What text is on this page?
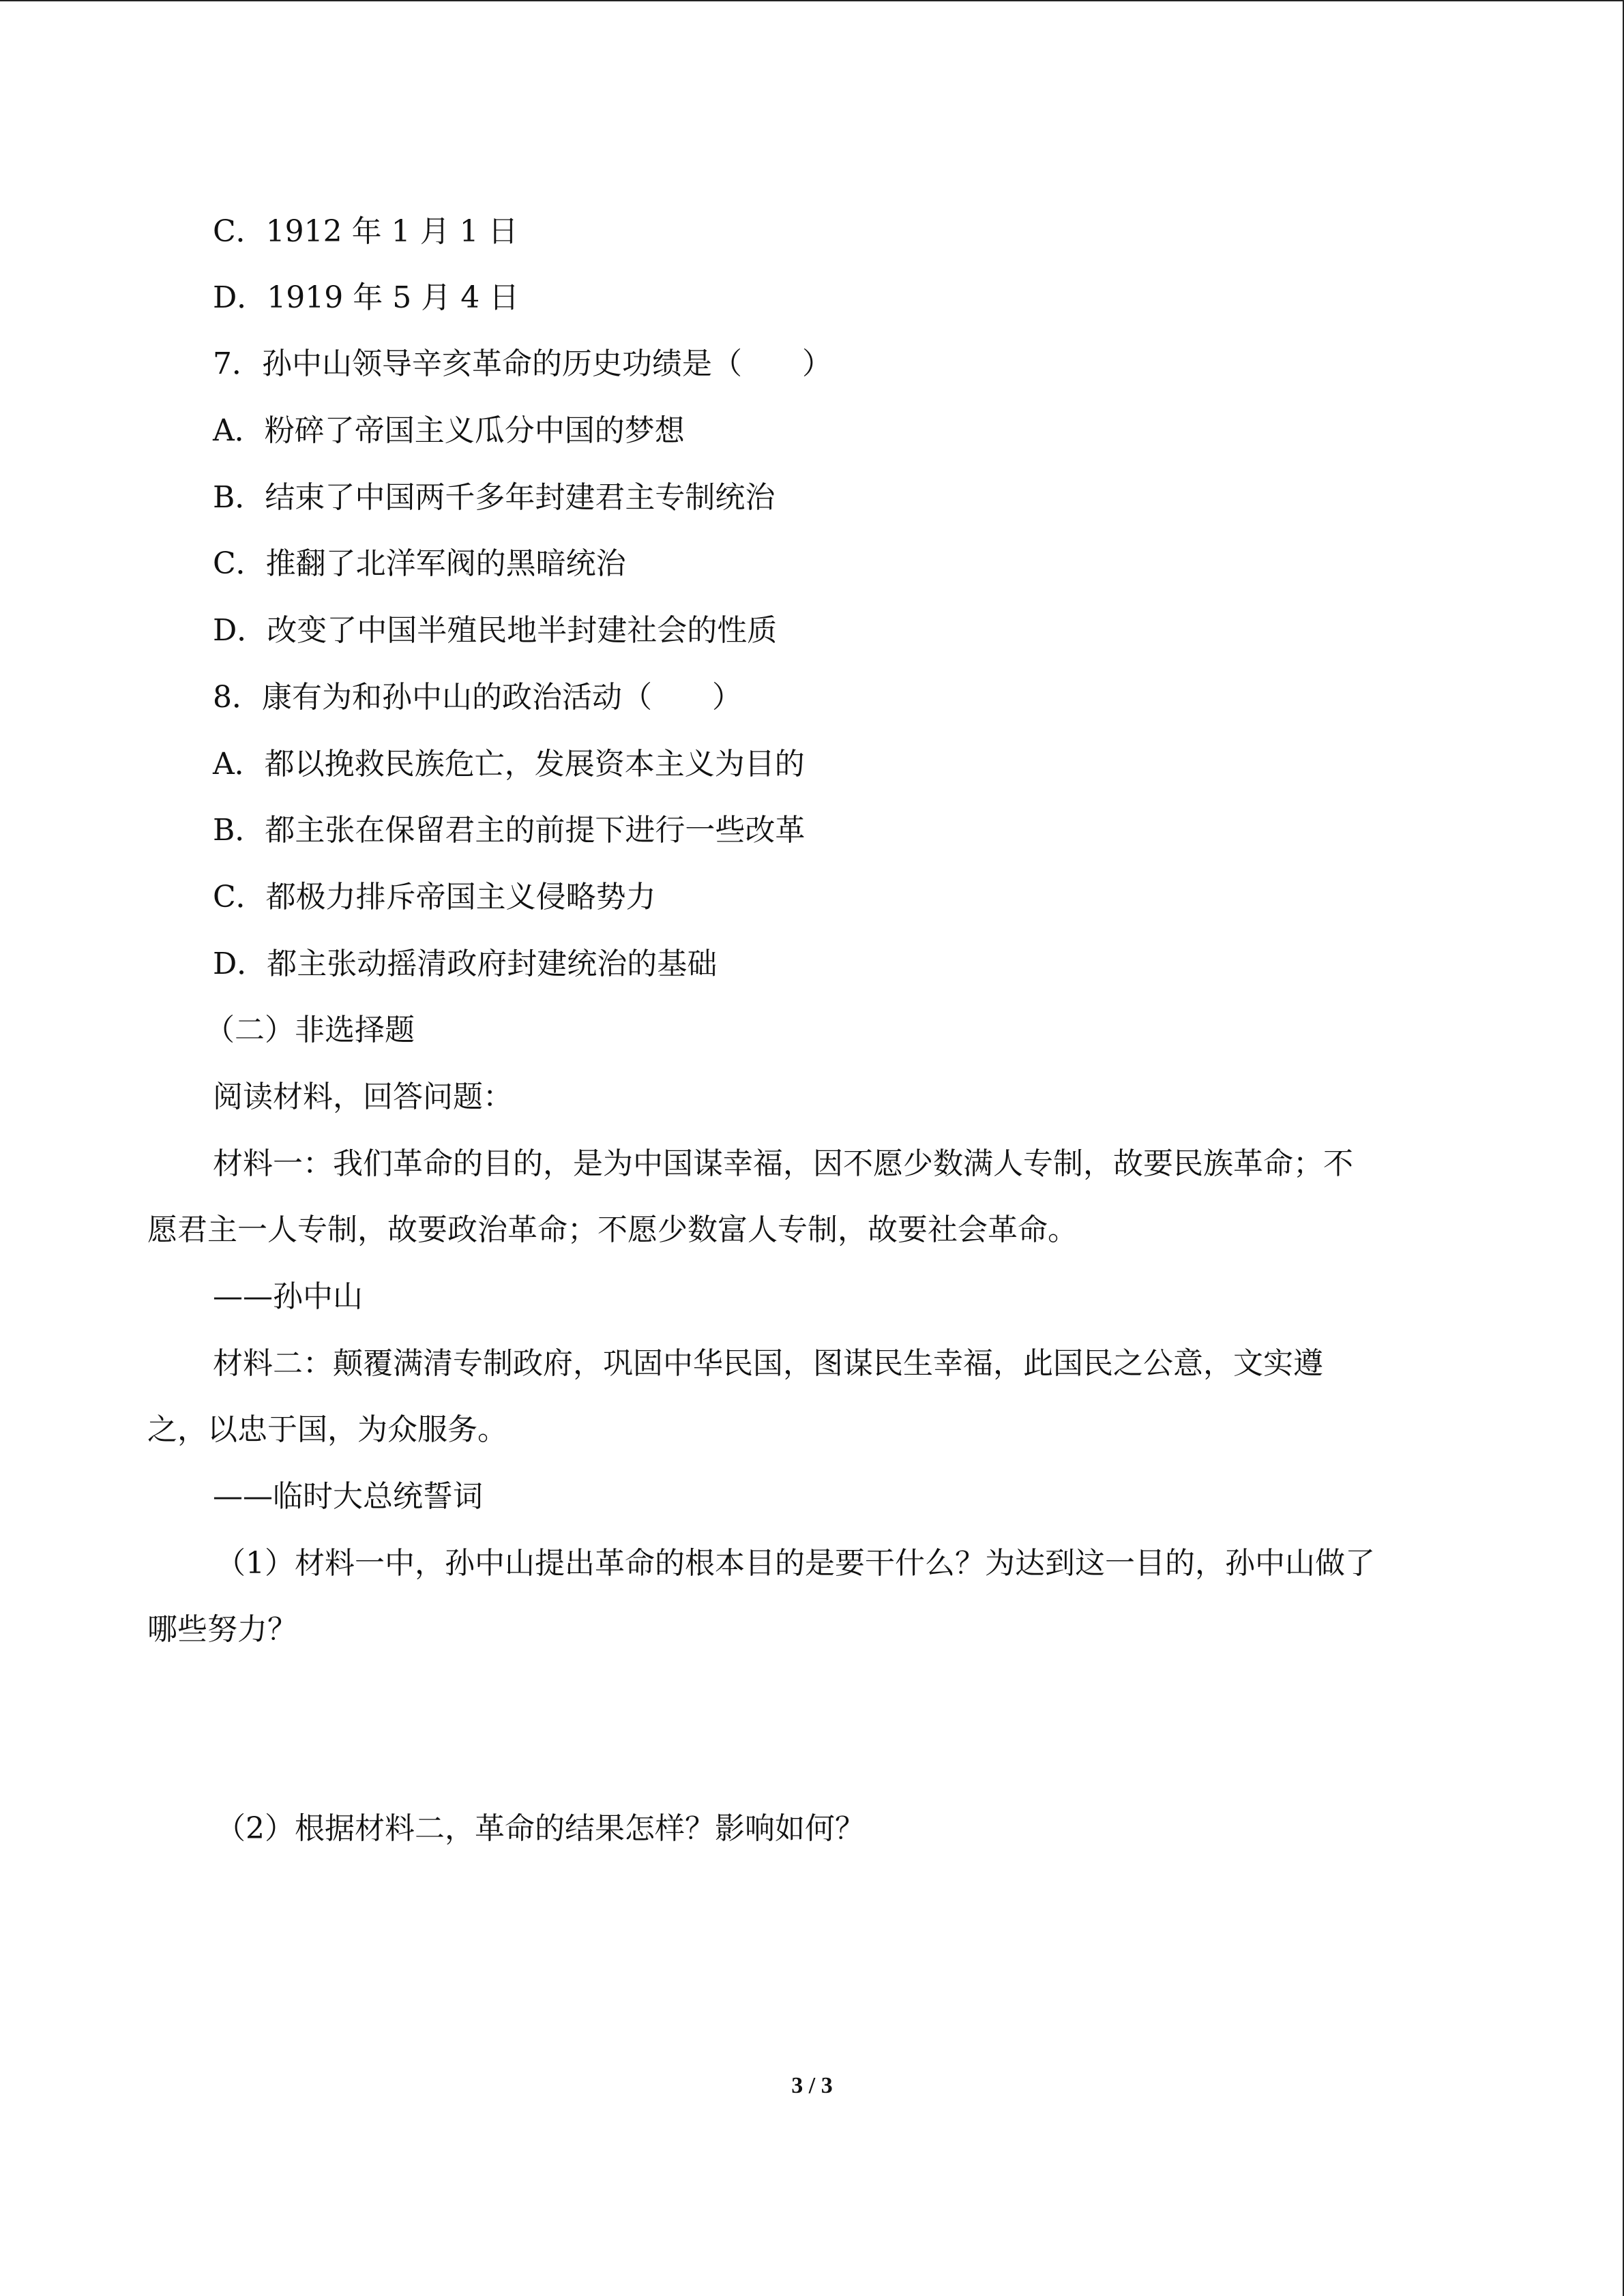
C．1912 年 1 月 1 日
D．1919 年 5 月 4 日
7．孙中山领导辛亥革命的历史功绩是（　　）
A．粉碎了帝国主义瓜分中国的梦想
B．结束了中国两千多年封建君主专制统治
C．推翻了北洋军阀的黑暗统治
D．改变了中国半殖民地半封建社会的性质
8．康有为和孙中山的政治活动（　　）
A．都以挽救民族危亡，发展资本主义为目的
B．都主张在保留君主的前提下进行一些改革
C．都极力排斥帝国主义侵略势力
D．都主张动摇清政府封建统治的基础
（二）非选择题
阅读材料，回答问题：
材料一：我们革命的目的，是为中国谋幸福，因不愿少数满人专制，故要民族革命；不
愿君主一人专制，故要政治革命；不愿少数富人专制，故要社会革命。
——孙中山
材料二：颠覆满清专制政府，巩固中华民国，图谋民生幸福，此国民之公意，文实遵
之，以忠于国，为众服务。
——临时大总统誓词
（1）材料一中，孙中山提出革命的根本目的是要干什么？为达到这一目的，孙中山做了
哪些努力？
（2）根据材料二，革命的结果怎样？影响如何？
3 / 3
